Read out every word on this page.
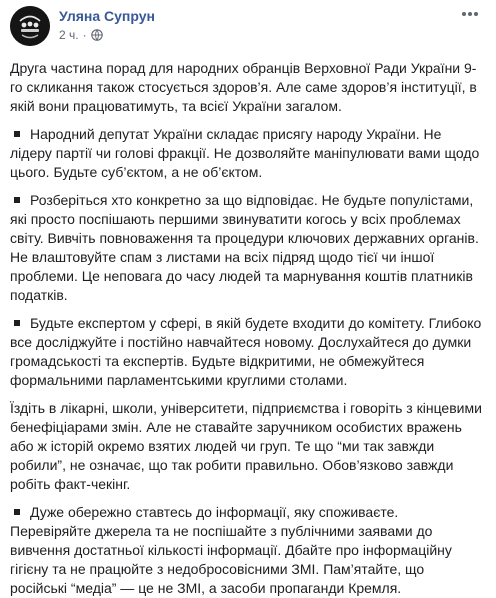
Уляна Супрун
2 ч. ·

Друга частина порад для народних обранців Верховної Ради України 9-го скликання також стосується здоров’я. Але саме здоров’я інституції, в якій вони працюватимуть, та всієї України загалом.

Народний депутат України складає присягу народу України. Не лідеру партії чи голові фракції. Не дозволяйте маніпулювати вами щодо цього. Будьте суб’єктом, а не об’єктом.

Розберіться хто конкретно за що відповідає. Не будьте популістами, які просто поспішають першими звинуватити когось у всіх проблемах світу. Вивчіть повноваження та процедури ключових державних органів. Не влаштовуйте спам з листами на всіх підряд щодо тієї чи іншої проблеми. Це неповага до часу людей та марнування коштів платників податків.

Будьте експертом у сфері, в якій будете входити до комітету. Глибоко все досліджуйте і постійно навчайтеся новому. Дослухайтеся до думки громадськості та експертів. Будьте відкритими, не обмежуйтеся формальними парламентськими круглими столами.

Їздіть в лікарні, школи, університети, підприємства і говоріть з кінцевими бенефіціарами змін. Але не ставайте заручником особистих вражень або ж історій окремо взятих людей чи груп. Те що “ми так завжди робили”, не означає, що так робити правильно. Обов’язково завжди робіть факт-чекінг.

Дуже обережно ставтесь до інформації, яку споживаєте. Перевіряйте джерела та не поспішайте з публічними заявами до вивчення достатньої кількості інформації. Дбайте про інформаційну гігієну та не працюйте з недобросовісними ЗМІ. Пам’ятайте, що російські “медіа” — це не ЗМІ, а засоби пропаганди Кремля.
